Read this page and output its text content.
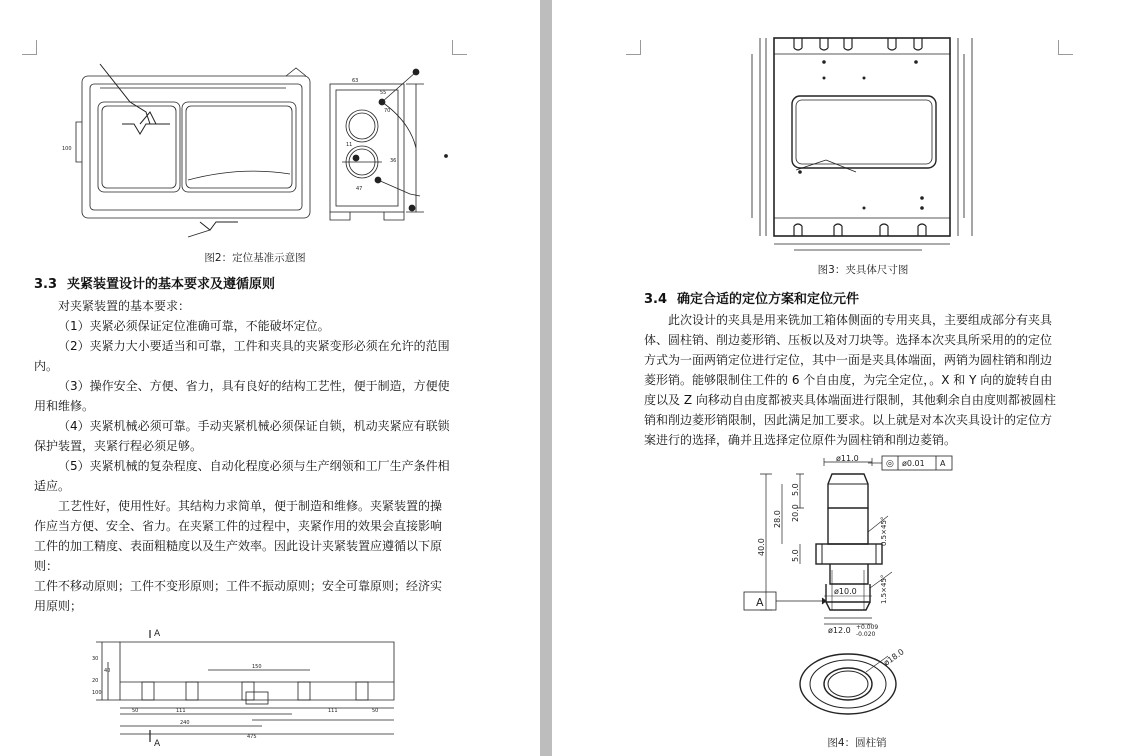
63
55
70
11
36
47
100
图2：定位基准示意图
3.3 夹紧装置设计的基本要求及遵循原则

对夹紧装置的基本要求：

（1）夹紧必须保证定位准确可靠，不能破坏定位。

（2）夹紧力大小要适当和可靠，工件和夹具的夹紧变形必须在允许的范围内。

（3）操作安全、方便、省力，具有良好的结构工艺性，便于制造，方便使用和维修。

（4）夹紧机械必须可靠。手动夹紧机械必须保证自锁，机动夹紧应有联锁保护装置，夹紧行程必须足够。

（5）夹紧机械的复杂程度、自动化程度必须与生产纲领和工厂生产条件相适应。

工艺性好，使用性好。其结构力求简单，便于制造和维修。夹紧装置的操作应当方便、安全、省力。在夹紧工件的过程中，夹紧作用的效果会直接影响工件的加工精度、表面粗糙度以及生产效率。因此设计夹紧装置应遵循以下原则：

工件不移动原则；工件不变形原则；工件不振动原则；安全可靠原则；经济实用原则；

A
A
150
50	111	111	50
240
475
30
20
40
100
图3：夹具体尺寸图
3.4 确定合适的定位方案和定位元件

此次设计的夹具是用来铣加工箱体侧面的专用夹具，主要组成部分有夹具体、圆柱销、削边菱形销、压板以及对刀块等。选择本次夹具所采用的的定位方式为一面两销定位进行定位，其中一面是夹具体端面，两销为圆柱销和削边菱形销。能够限制住工件的 6 个自由度，为完全定位，。X 和 Y 向的旋转自由度以及 Z 向移动自由度都被夹具体端面进行限制，其他剩余自由度则都被圆柱销和削边菱形销限制，因此满足加工要求。以上就是对本次夹具设计的定位方案进行的选择，确并且选择定位原件为圆柱销和削边菱销。

ø11.0
◎ ø0.01 A
5.0
20.0
28.0
40.0	5.0
0.5×45°
ø10.0	1.5×45°
A
ø12.0 +0.009
-0.020
ø18.0
图4：圆柱销
